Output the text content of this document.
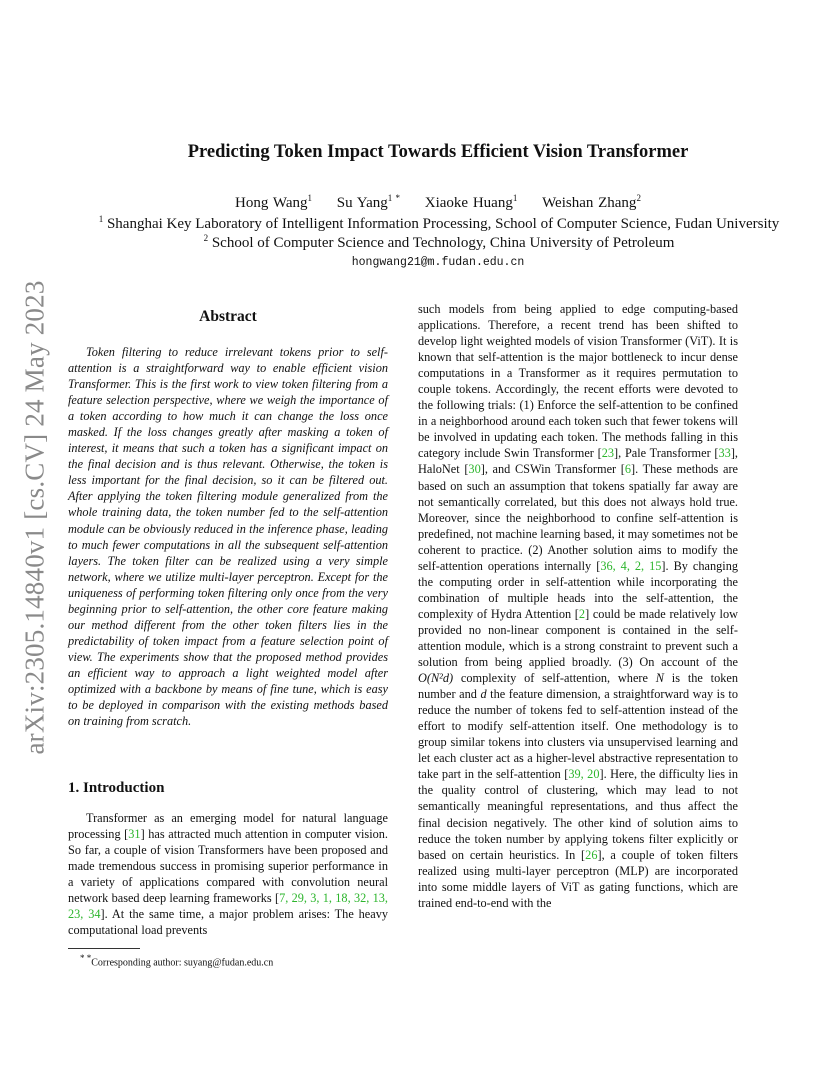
arXiv:2305.14840v1 [cs.CV] 24 May 2023
Predicting Token Impact Towards Efficient Vision Transformer
Hong Wang$^1$ Su Yang$^{1 *}$ Xiaoke Huang$^1$ Weishan Zhang$^2$
$^1$ Shanghai Key Laboratory of Intelligent Information Processing, School of Computer Science, Fudan University
$^2$ School of Computer Science and Technology, China University of Petroleum
hongwang21@m.fudan.edu.cn
Abstract

Token filtering to reduce irrelevant tokens prior to self-attention is a straightforward way to enable efficient vision Transformer. This is the first work to view token filtering from a feature selection perspective, where we weigh the importance of a token according to how much it can change the loss once masked. If the loss changes greatly after masking a token of interest, it means that such a token has a significant impact on the final decision and is thus relevant. Otherwise, the token is less important for the final decision, so it can be filtered out. After applying the token filtering module generalized from the whole training data, the token number fed to the self-attention module can be obviously reduced in the inference phase, leading to much fewer computations in all the subsequent self-attention layers. The token filter can be realized using a very simple network, where we utilize multi-layer perceptron. Except for the uniqueness of performing token filtering only once from the very beginning prior to self-attention, the other core feature making our method different from the other token filters lies in the predictability of token impact from a feature selection point of view. The experiments show that the proposed method provides an efficient way to approach a light weighted model after optimized with a backbone by means of fine tune, which is easy to be deployed in comparison with the existing methods based on training from scratch.

1. Introduction

Transformer as an emerging model for natural language processing [31] has attracted much attention in computer vision. So far, a couple of vision Transformers have been proposed and made tremendous success in promising superior performance in a variety of applications compared with convolution neural network based deep learning frameworks [7, 29, 3, 1, 18, 32, 13, 23, 34]. At the same time, a major problem arises: The heavy computational load prevents

such models from being applied to edge computing-based applications. Therefore, a recent trend has been shifted to develop light weighted models of vision Transformer (ViT). It is known that self-attention is the major bottleneck to incur dense computations in a Transformer as it requires permutation to couple tokens. Accordingly, the recent efforts were devoted to the following trials: (1) Enforce the self-attention to be confined in a neighborhood around each token such that fewer tokens will be involved in updating each token. The methods falling in this category include Swin Transformer [23], Pale Transformer [33], HaloNet [30], and CSWin Transformer [6]. These methods are based on such an assumption that tokens spatially far away are not semantically correlated, but this does not always hold true. Moreover, since the neighborhood to confine self-attention is predefined, not machine learning based, it may sometimes not be coherent to practice. (2) Another solution aims to modify the self-attention operations internally [36, 4, 2, 15]. By changing the computing order in self-attention while incorporating the combination of multiple heads into the self-attention, the complexity of Hydra Attention [2] could be made relatively low provided no non-linear component is contained in the self-attention module, which is a strong constraint to prevent such a solution from being applied broadly. (3) On account of the O(N²d) complexity of self-attention, where N is the token number and d the feature dimension, a straightforward way is to reduce the number of tokens fed to self-attention instead of the effort to modify self-attention itself. One methodology is to group similar tokens into clusters via unsupervised learning and let each cluster act as a higher-level abstractive representation to take part in the self-attention [39, 20]. Here, the difficulty lies in the quality control of clustering, which may lead to not semantically meaningful representations, and thus affect the final decision negatively. The other kind of solution aims to reduce the token number by applying tokens filter explicitly or based on certain heuristics. In [26], a couple of token filters realized using multi-layer perceptron (MLP) are incorporated into some middle layers of ViT as gating functions, which are trained end-to-end with the

* *Corresponding author: suyang@fudan.edu.cn
